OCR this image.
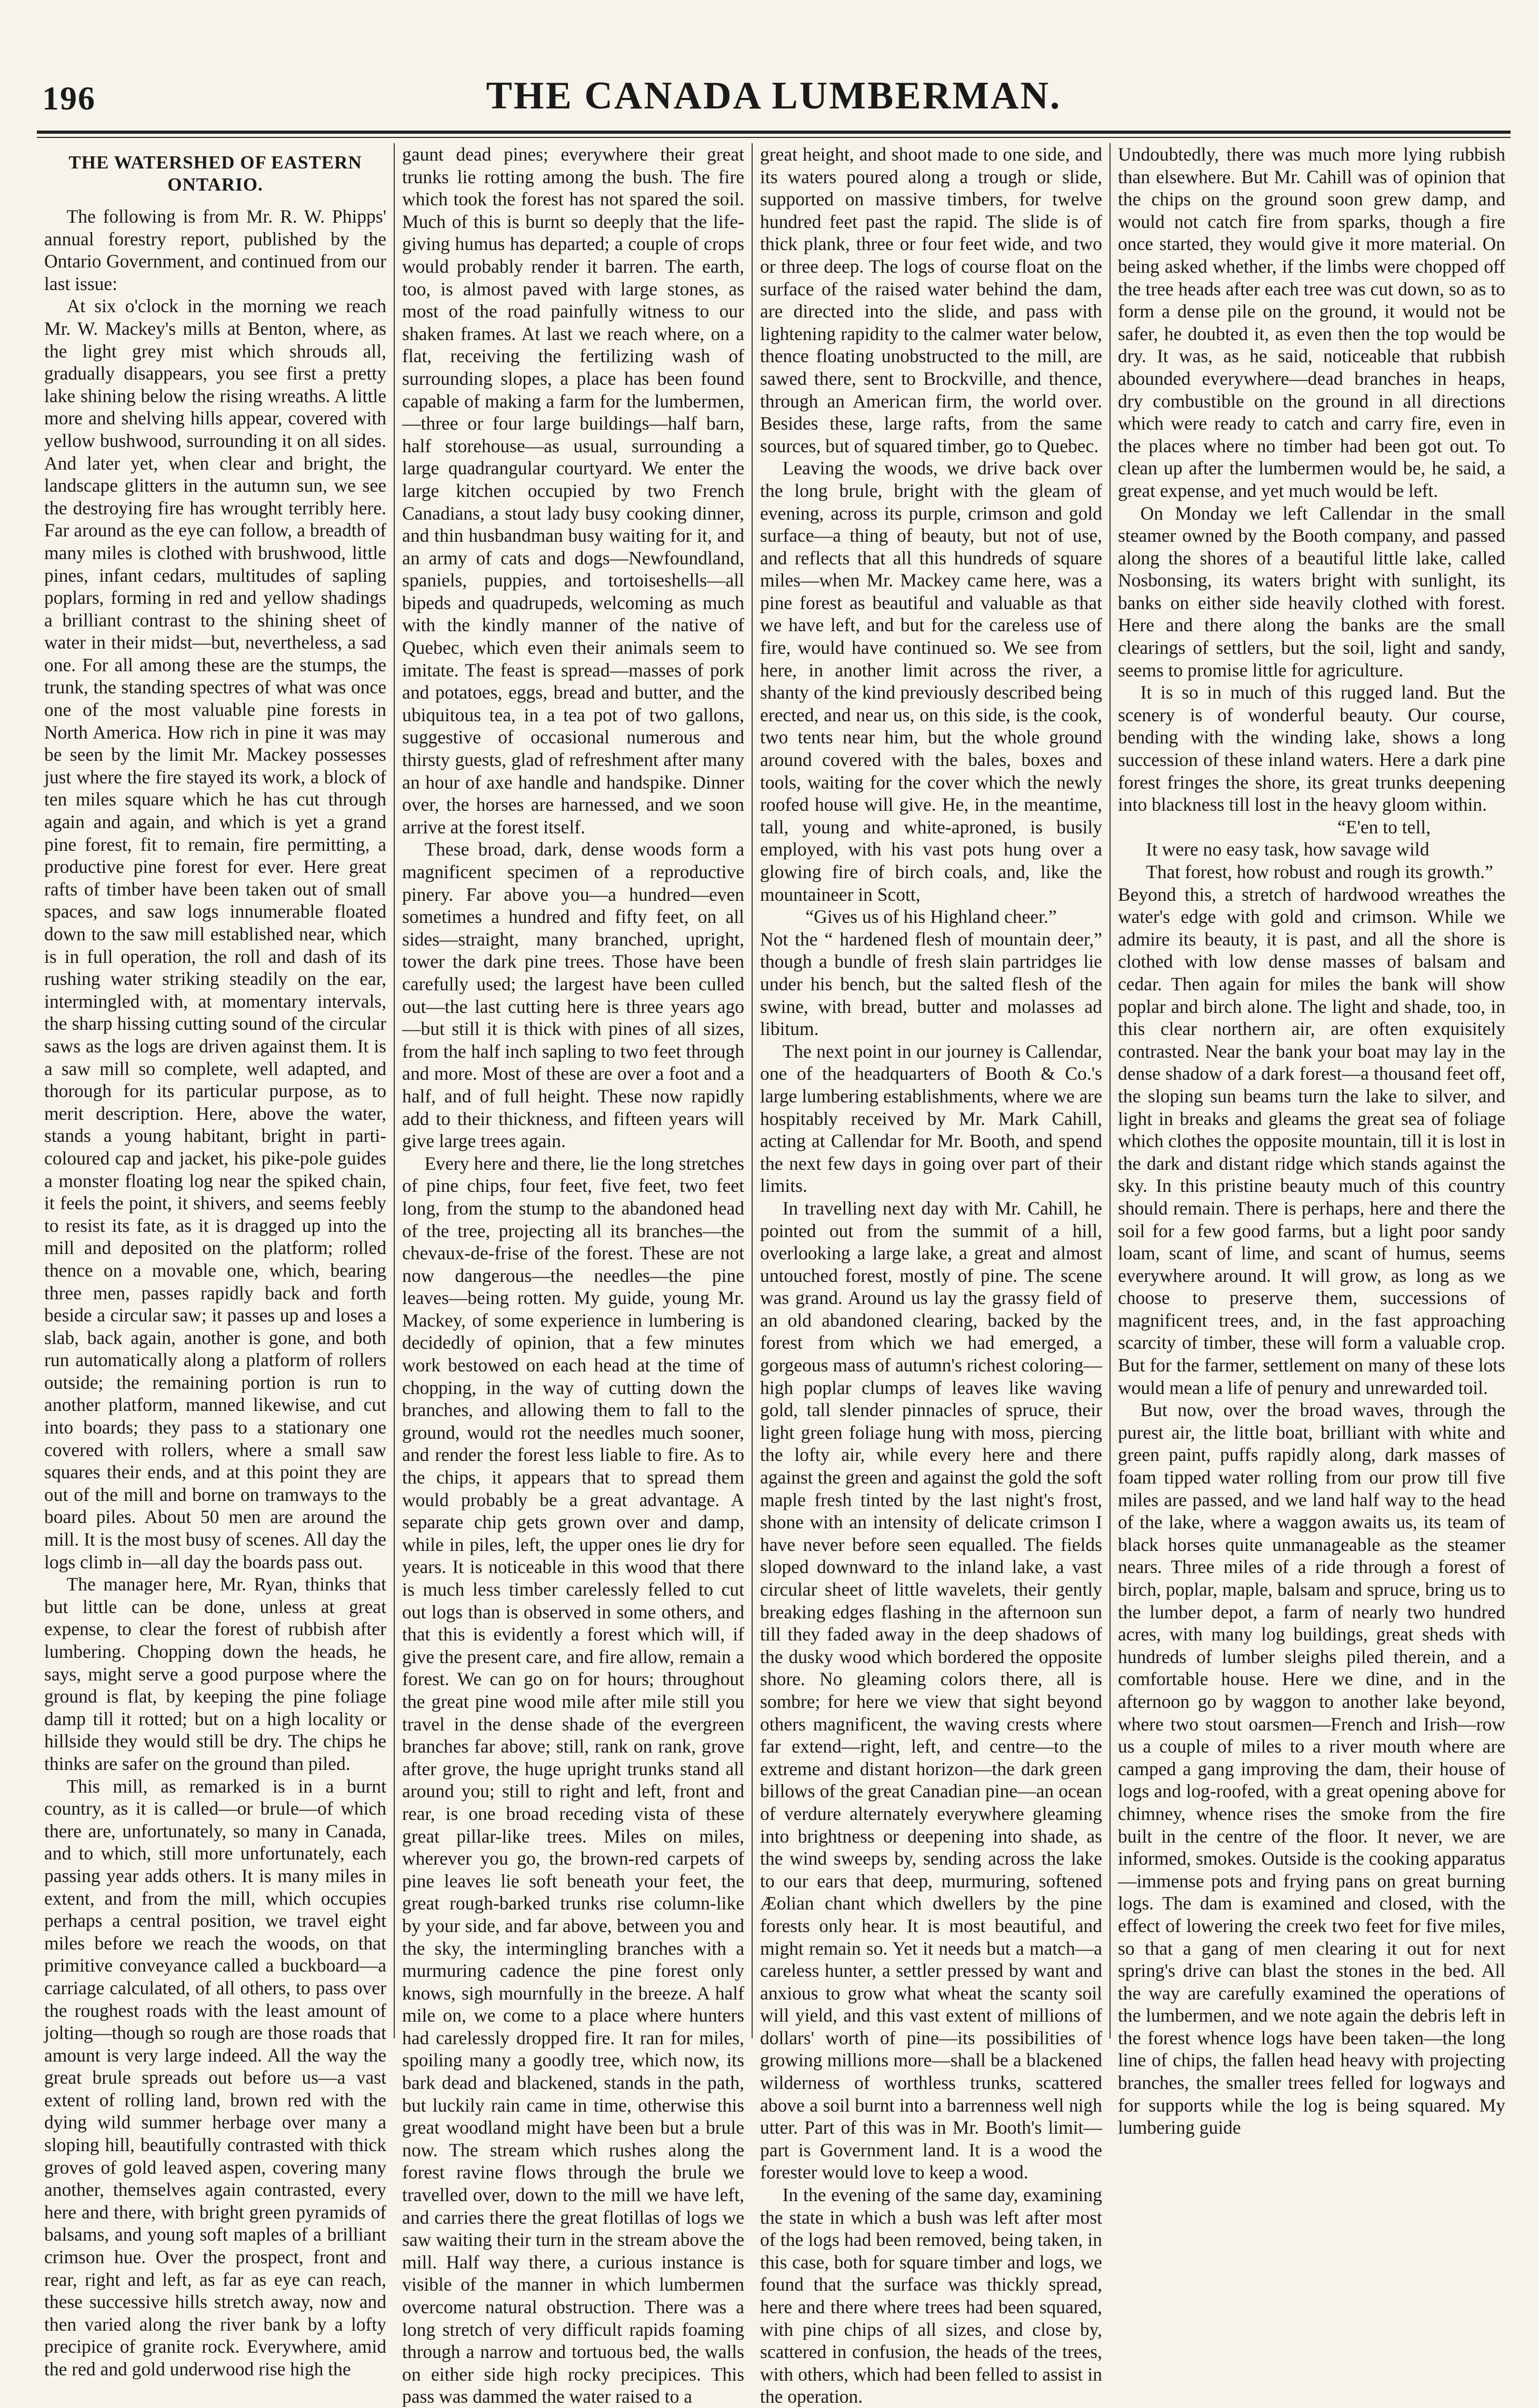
196	THE CANADA LUMBERMAN.
THE WATERSHED OF EASTERN
ONTARIO.

The following is from Mr. R. W. Phipps' annual forestry report, published by the Ontario Government, and continued from our last issue:

At six o'clock in the morning we reach Mr. W. Mackey's mills at Benton, where, as the light grey mist which shrouds all, gradually disappears, you see first a pretty lake shining below the rising wreaths. A little more and shelving hills appear, covered with yellow bushwood, surrounding it on all sides. And later yet, when clear and bright, the landscape glitters in the autumn sun, we see the destroying fire has wrought terribly here. Far around as the eye can follow, a breadth of many miles is clothed with brushwood, little pines, infant cedars, multitudes of sapling poplars, forming in red and yellow shadings a brilliant contrast to the shining sheet of water in their midst—but, nevertheless, a sad one. For all among these are the stumps, the trunk, the standing spectres of what was once one of the most valuable pine forests in North America. How rich in pine it was may be seen by the limit Mr. Mackey possesses just where the fire stayed its work, a block of ten miles square which he has cut through again and again, and which is yet a grand pine forest, fit to remain, fire permitting, a productive pine forest for ever. Here great rafts of timber have been taken out of small spaces, and saw logs innumerable floated down to the saw mill established near, which is in full operation, the roll and dash of its rushing water striking steadily on the ear, intermingled with, at momentary intervals, the sharp hissing cutting sound of the circular saws as the logs are driven against them. It is a saw mill so complete, well adapted, and thorough for its particular purpose, as to merit description. Here, above the water, stands a young habitant, bright in parti-coloured cap and jacket, his pike-pole guides a monster floating log near the spiked chain, it feels the point, it shivers, and seems feebly to resist its fate, as it is dragged up into the mill and deposited on the platform; rolled thence on a movable one, which, bearing three men, passes rapidly back and forth beside a circular saw; it passes up and loses a slab, back again, another is gone, and both run automatically along a platform of rollers outside; the remaining portion is run to another platform, manned likewise, and cut into boards; they pass to a stationary one covered with rollers, where a small saw squares their ends, and at this point they are out of the mill and borne on tramways to the board piles. About 50 men are around the mill. It is the most busy of scenes. All day the logs climb in—all day the boards pass out.

The manager here, Mr. Ryan, thinks that but little can be done, unless at great expense, to clear the forest of rubbish after lumbering. Chopping down the heads, he says, might serve a good purpose where the ground is flat, by keeping the pine foliage damp till it rotted; but on a high locality or hillside they would still be dry. The chips he thinks are safer on the ground than piled.

This mill, as remarked is in a burnt country, as it is called—or brule—of which there are, unfortunately, so many in Canada, and to which, still more unfortunately, each passing year adds others. It is many miles in extent, and from the mill, which occupies perhaps a central position, we travel eight miles before we reach the woods, on that primitive conveyance called a buckboard—a carriage calculated, of all others, to pass over the roughest roads with the least amount of jolting—though so rough are those roads that amount is very large indeed. All the way the great brule spreads out before us—a vast extent of rolling land, brown red with the dying wild summer herbage over many a sloping hill, beautifully contrasted with thick groves of gold leaved aspen, covering many another, themselves again contrasted, every here and there, with bright green pyramids of balsams, and young soft maples of a brilliant crimson hue. Over the prospect, front and rear, right and left, as far as eye can reach, these successive hills stretch away, now and then varied along the river bank by a lofty precipice of granite rock. Everywhere, amid the red and gold underwood rise high the

gaunt dead pines; everywhere their great trunks lie rotting among the bush. The fire which took the forest has not spared the soil. Much of this is burnt so deeply that the life-giving humus has departed; a couple of crops would probably render it barren. The earth, too, is almost paved with large stones, as most of the road painfully witness to our shaken frames. At last we reach where, on a flat, receiving the fertilizing wash of surrounding slopes, a place has been found capable of making a farm for the lumbermen,—three or four large buildings—half barn, half storehouse—as usual, surrounding a large quadrangular courtyard. We enter the large kitchen occupied by two French Canadians, a stout lady busy cooking dinner, and thin husbandman busy waiting for it, and an army of cats and dogs—Newfoundland, spaniels, puppies, and tortoiseshells—all bipeds and quadrupeds, welcoming as much with the kindly manner of the native of Quebec, which even their animals seem to imitate. The feast is spread—masses of pork and potatoes, eggs, bread and butter, and the ubiquitous tea, in a tea pot of two gallons, suggestive of occasional numerous and thirsty guests, glad of refreshment after many an hour of axe handle and handspike. Dinner over, the horses are harnessed, and we soon arrive at the forest itself.

These broad, dark, dense woods form a magnificent specimen of a reproductive pinery. Far above you—a hundred—even sometimes a hundred and fifty feet, on all sides—straight, many branched, upright, tower the dark pine trees. Those have been carefully used; the largest have been culled out—the last cutting here is three years ago—but still it is thick with pines of all sizes, from the half inch sapling to two feet through and more. Most of these are over a foot and a half, and of full height. These now rapidly add to their thickness, and fifteen years will give large trees again.

Every here and there, lie the long stretches of pine chips, four feet, five feet, two feet long, from the stump to the abandoned head of the tree, projecting all its branches—the chevaux-de-frise of the forest. These are not now dangerous—the needles—the pine leaves—being rotten. My guide, young Mr. Mackey, of some experience in lumbering is decidedly of opinion, that a few minutes work bestowed on each head at the time of chopping, in the way of cutting down the branches, and allowing them to fall to the ground, would rot the needles much sooner, and render the forest less liable to fire. As to the chips, it appears that to spread them would probably be a great advantage. A separate chip gets grown over and damp, while in piles, left, the upper ones lie dry for years. It is noticeable in this wood that there is much less timber carelessly felled to cut out logs than is observed in some others, and that this is evidently a forest which will, if give the present care, and fire allow, remain a forest. We can go on for hours; throughout the great pine wood mile after mile still you travel in the dense shade of the evergreen branches far above; still, rank on rank, grove after grove, the huge upright trunks stand all around you; still to right and left, front and rear, is one broad receding vista of these great pillar-like trees. Miles on miles, wherever you go, the brown-red carpets of pine leaves lie soft beneath your feet, the great rough-barked trunks rise column-like by your side, and far above, between you and the sky, the intermingling branches with a murmuring cadence the pine forest only knows, sigh mournfully in the breeze. A half mile on, we come to a place where hunters had carelessly dropped fire. It ran for miles, spoiling many a goodly tree, which now, its bark dead and blackened, stands in the path, but luckily rain came in time, otherwise this great woodland might have been but a brule now. The stream which rushes along the forest ravine flows through the brule we travelled over, down to the mill we have left, and carries there the great flotillas of logs we saw waiting their turn in the stream above the mill. Half way there, a curious instance is visible of the manner in which lumbermen overcome natural obstruction. There was a long stretch of very difficult rapids foaming through a narrow and tortuous bed, the walls on either side high rocky precipices. This pass was dammed the water raised to a

great height, and shoot made to one side, and its waters poured along a trough or slide, supported on massive timbers, for twelve hundred feet past the rapid. The slide is of thick plank, three or four feet wide, and two or three deep. The logs of course float on the surface of the raised water behind the dam, are directed into the slide, and pass with lightening rapidity to the calmer water below, thence floating unobstructed to the mill, are sawed there, sent to Brockville, and thence, through an American firm, the world over. Besides these, large rafts, from the same sources, but of squared timber, go to Quebec.

Leaving the woods, we drive back over the long brule, bright with the gleam of evening, across its purple, crimson and gold surface—a thing of beauty, but not of use, and reflects that all this hundreds of square miles—when Mr. Mackey came here, was a pine forest as beautiful and valuable as that we have left, and but for the careless use of fire, would have continued so. We see from here, in another limit across the river, a shanty of the kind previously described being erected, and near us, on this side, is the cook, two tents near him, but the whole ground around covered with the bales, boxes and tools, waiting for the cover which the newly roofed house will give. He, in the meantime, tall, young and white-aproned, is busily employed, with his vast pots hung over a glowing fire of birch coals, and, like the mountaineer in Scott,

“Gives us of his Highland cheer.”

Not the “ hardened flesh of mountain deer,” though a bundle of fresh slain partridges lie under his bench, but the salted flesh of the swine, with bread, butter and molasses ad libitum.

The next point in our journey is Callendar, one of the headquarters of Booth & Co.'s large lumbering establishments, where we are hospitably received by Mr. Mark Cahill, acting at Callendar for Mr. Booth, and spend the next few days in going over part of their limits.

In travelling next day with Mr. Cahill, he pointed out from the summit of a hill, overlooking a large lake, a great and almost untouched forest, mostly of pine. The scene was grand. Around us lay the grassy field of an old abandoned clearing, backed by the forest from which we had emerged, a gorgeous mass of autumn's richest coloring—high poplar clumps of leaves like waving gold, tall slender pinnacles of spruce, their light green foliage hung with moss, piercing the lofty air, while every here and there against the green and against the gold the soft maple fresh tinted by the last night's frost, shone with an intensity of delicate crimson I have never before seen equalled. The fields sloped downward to the inland lake, a vast circular sheet of little wavelets, their gently breaking edges flashing in the afternoon sun till they faded away in the deep shadows of the dusky wood which bordered the opposite shore. No gleaming colors there, all is sombre; for here we view that sight beyond others magnificent, the waving crests where far extend—right, left, and centre—to the extreme and distant horizon—the dark green billows of the great Canadian pine—an ocean of verdure alternately everywhere gleaming into brightness or deepening into shade, as the wind sweeps by, sending across the lake to our ears that deep, murmuring, softened Æolian chant which dwellers by the pine forests only hear. It is most beautiful, and might remain so. Yet it needs but a match—a careless hunter, a settler pressed by want and anxious to grow what wheat the scanty soil will yield, and this vast extent of millions of dollars' worth of pine—its possibilities of growing millions more—shall be a blackened wilderness of worthless trunks, scattered above a soil burnt into a barrenness well nigh utter. Part of this was in Mr. Booth's limit—part is Government land. It is a wood the forester would love to keep a wood.

In the evening of the same day, examining the state in which a bush was left after most of the logs had been removed, being taken, in this case, both for square timber and logs, we found that the surface was thickly spread, here and there where trees had been squared, with pine chips of all sizes, and close by, scattered in confusion, the heads of the trees, with others, which had been felled to assist in the operation.

Undoubtedly, there was much more lying rubbish than elsewhere. But Mr. Cahill was of opinion that the chips on the ground soon grew damp, and would not catch fire from sparks, though a fire once started, they would give it more material. On being asked whether, if the limbs were chopped off the tree heads after each tree was cut down, so as to form a dense pile on the ground, it would not be safer, he doubted it, as even then the top would be dry. It was, as he said, noticeable that rubbish abounded everywhere—dead branches in heaps, dry combustible on the ground in all directions which were ready to catch and carry fire, even in the places where no timber had been got out. To clean up after the lumbermen would be, he said, a great expense, and yet much would be left.

On Monday we left Callendar in the small steamer owned by the Booth company, and passed along the shores of a beautiful little lake, called Nosbonsing, its waters bright with sunlight, its banks on either side heavily clothed with forest. Here and there along the banks are the small clearings of settlers, but the soil, light and sandy, seems to promise little for agriculture.

It is so in much of this rugged land. But the scenery is of wonderful beauty. Our course, bending with the winding lake, shows a long succession of these inland waters. Here a dark pine forest fringes the shore, its great trunks deepening into blackness till lost in the heavy gloom within.

“E'en to tell,

It were no easy task, how savage wild

That forest, how robust and rough its growth.”

Beyond this, a stretch of hardwood wreathes the water's edge with gold and crimson. While we admire its beauty, it is past, and all the shore is clothed with low dense masses of balsam and cedar. Then again for miles the bank will show poplar and birch alone. The light and shade, too, in this clear northern air, are often exquisitely contrasted. Near the bank your boat may lay in the dense shadow of a dark forest—a thousand feet off, the sloping sun beams turn the lake to silver, and light in breaks and gleams the great sea of foliage which clothes the opposite mountain, till it is lost in the dark and distant ridge which stands against the sky. In this pristine beauty much of this country should remain. There is perhaps, here and there the soil for a few good farms, but a light poor sandy loam, scant of lime, and scant of humus, seems everywhere around. It will grow, as long as we choose to preserve them, successions of magnificent trees, and, in the fast approaching scarcity of timber, these will form a valuable crop. But for the farmer, settlement on many of these lots would mean a life of penury and unrewarded toil.

But now, over the broad waves, through the purest air, the little boat, brilliant with white and green paint, puffs rapidly along, dark masses of foam tipped water rolling from our prow till five miles are passed, and we land half way to the head of the lake, where a waggon awaits us, its team of black horses quite unmanageable as the steamer nears. Three miles of a ride through a forest of birch, poplar, maple, balsam and spruce, bring us to the lumber depot, a farm of nearly two hundred acres, with many log buildings, great sheds with hundreds of lumber sleighs piled therein, and a comfortable house. Here we dine, and in the afternoon go by waggon to another lake beyond, where two stout oarsmen—French and Irish—row us a couple of miles to a river mouth where are camped a gang improving the dam, their house of logs and log-roofed, with a great opening above for chimney, whence rises the smoke from the fire built in the centre of the floor. It never, we are informed, smokes. Outside is the cooking apparatus—immense pots and frying pans on great burning logs. The dam is examined and closed, with the effect of lowering the creek two feet for five miles, so that a gang of men clearing it out for next spring's drive can blast the stones in the bed. All the way are carefully examined the operations of the lumbermen, and we note again the debris left in the forest whence logs have been taken—the long line of chips, the fallen head heavy with projecting branches, the smaller trees felled for logways and for supports while the log is being squared. My lumbering guide
